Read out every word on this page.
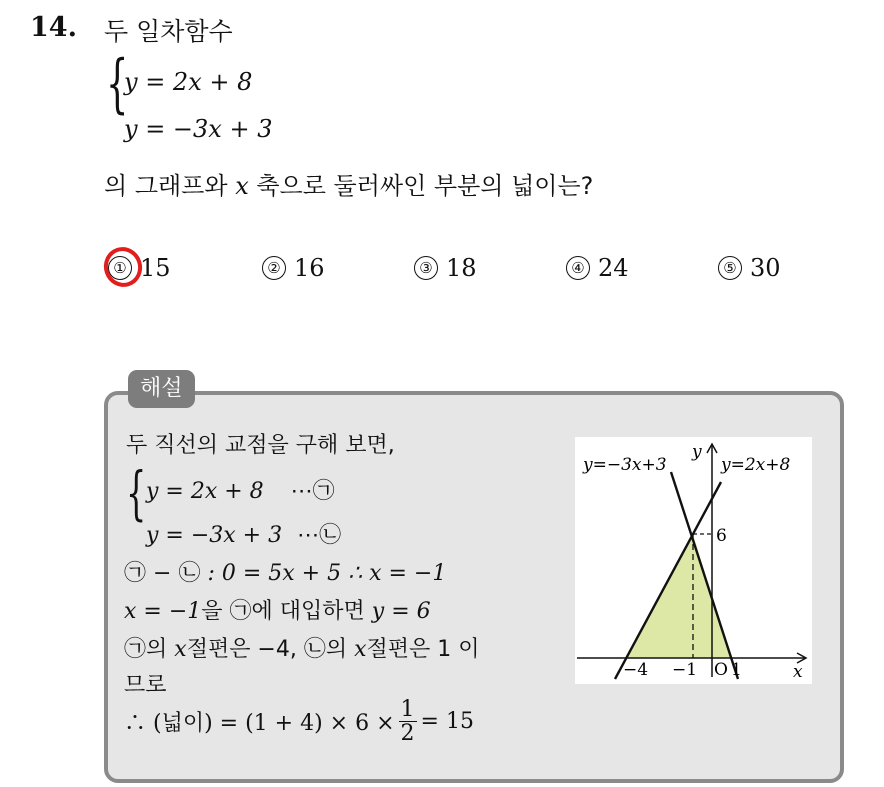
14. 두 일차함수
{
y = 2x + 8
y = −3x + 3
의 그래프와 x 축으로 둘러싸인 부분의 넓이는?
① 15	② 16	③ 18	④ 24	⑤ 30
해설
두 직선의 교점을 구해 보면,
{ y = 2x + 8 ⋯㉠
y = −3x + 3 ⋯㉡
㉠ − ㉡ : 0 = 5x + 5 ∴ x = −1
x = −1을 ㉠에 대입하면 y = 6
㉠의 x절편은 −4, ㉡의 x절편은 1 이
므로
∴ (넓이) = $(1 + 4) \times 6 \times \frac{1}{2} = 15$
y=−3x+3	y=2x+8
y
x
6
−4 −1 O 1
